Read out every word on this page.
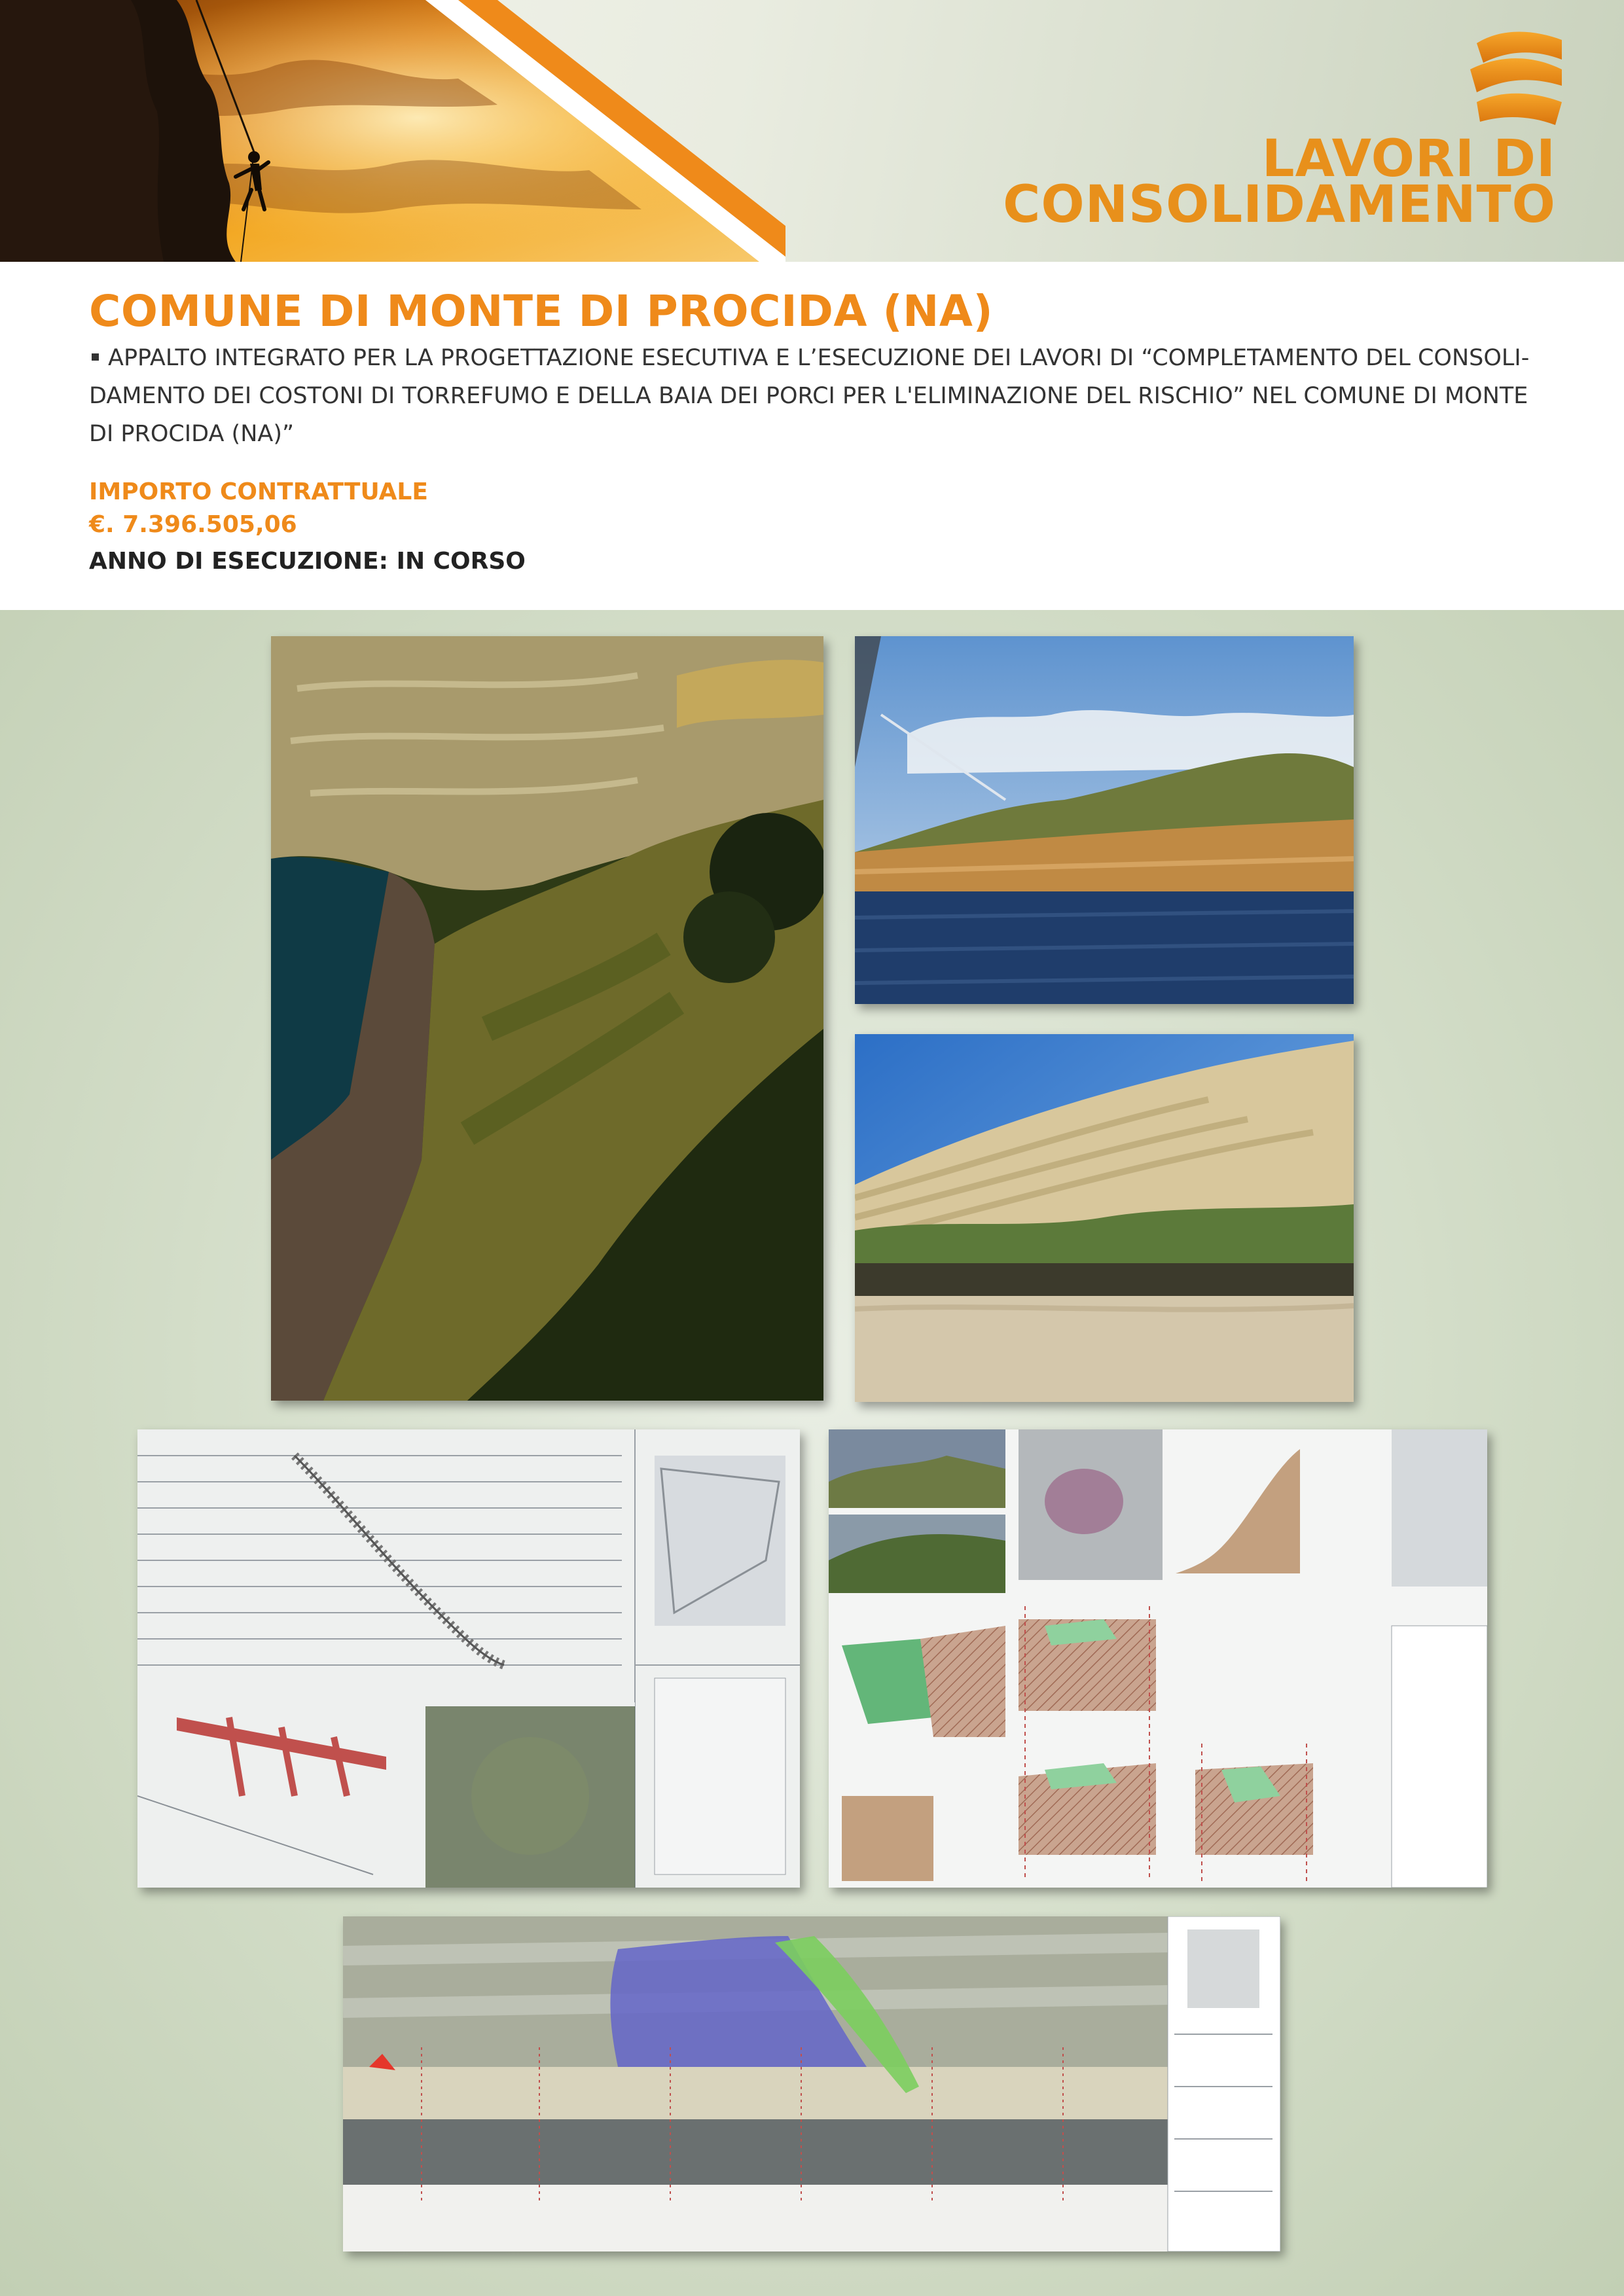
LAVORI DI
CONSOLIDAMENTO
COMUNE DI MONTE DI PROCIDA (NA)

APPALTO INTEGRATO PER LA PROGETTAZIONE ESECUTIVA E L’ESECUZIONE DEI LAVORI DI “COMPLETAMENTO DEL CONSOLI-DAMENTO DEI COSTONI DI TORREFUMO E DELLA BAIA DEI PORCI PER L'ELIMINAZIONE DEL RISCHIO” NEL COMUNE DI MONTE DI PROCIDA (NA)”

IMPORTO CONTRATTUALE
€. 7.396.505,06
ANNO DI ESECUZIONE: IN CORSO
